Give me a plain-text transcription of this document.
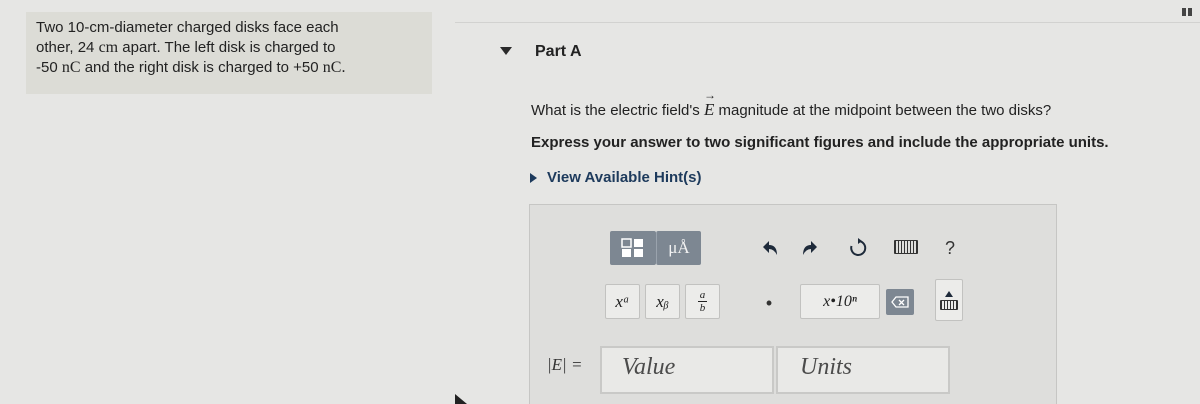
Two 10-cm-diameter charged disks face each
other, 24 cm apart. The left disk is charged to
-50 nC and the right disk is charged to +50 nC.
Part A
What is the electric field's → E magnitude at the midpoint between the two disks?
Express your answer to two significant figures and include the appropriate units.
View Available Hint(s)
μÅ	?
xᵃ	xᵦ	a
b	•	x•10ⁿ
|E| =	Value	Units
